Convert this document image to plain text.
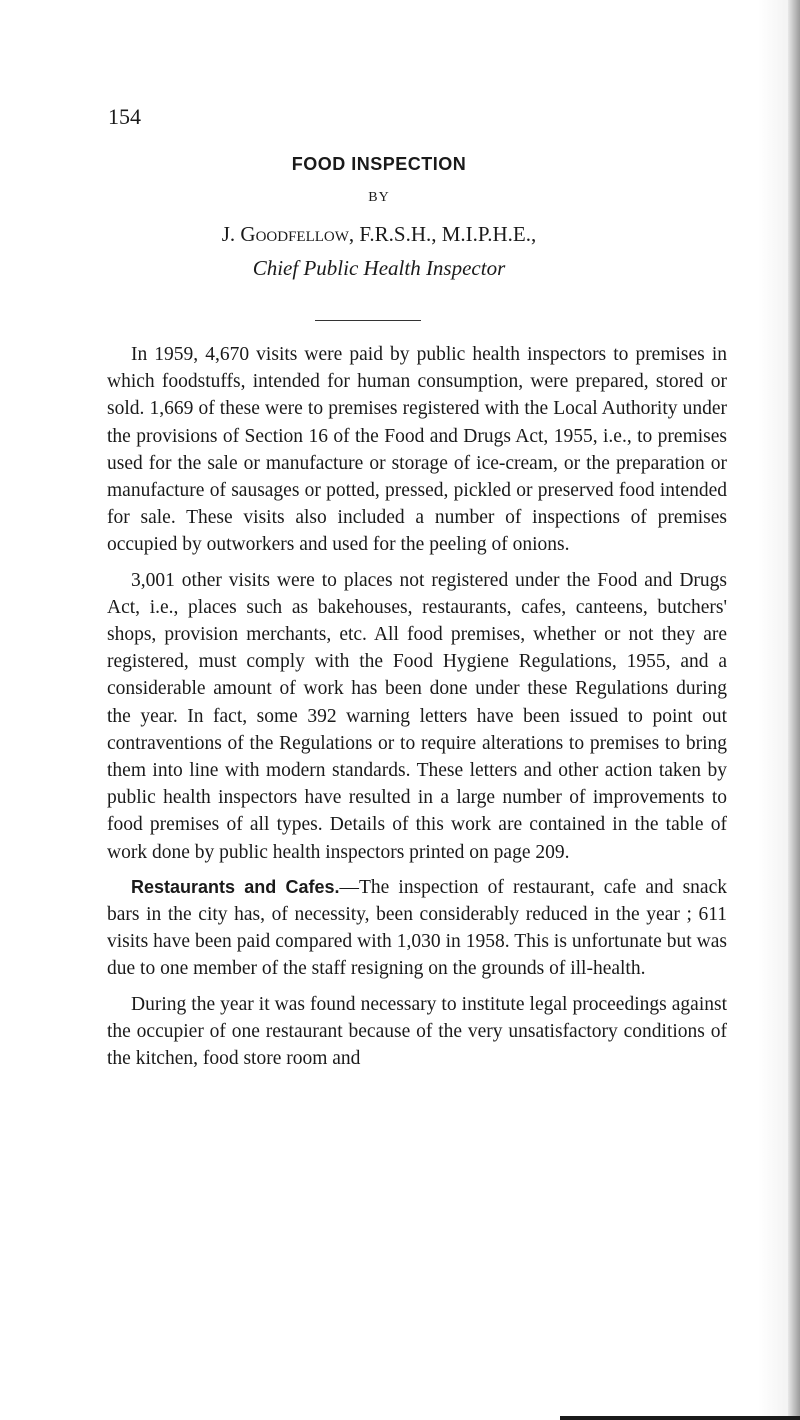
154
FOOD INSPECTION
BY
J. Goodfellow, F.R.S.H., M.I.P.H.E.,
Chief Public Health Inspector

In 1959, 4,670 visits were paid by public health inspectors to premises in which foodstuffs, intended for human consumption, were prepared, stored or sold. 1,669 of these were to premises registered with the Local Authority under the provisions of Section 16 of the Food and Drugs Act, 1955, i.e., to premises used for the sale or manufacture or storage of ice-cream, or the preparation or manufacture of sausages or potted, pressed, pickled or preserved food intended for sale. These visits also included a number of inspections of premises occupied by outworkers and used for the peeling of onions.

3,001 other visits were to places not registered under the Food and Drugs Act, i.e., places such as bakehouses, restaurants, cafes, canteens, butchers' shops, provision merchants, etc. All food premises, whether or not they are registered, must comply with the Food Hygiene Regulations, 1955, and a considerable amount of work has been done under these Regulations during the year. In fact, some 392 warning letters have been issued to point out contraventions of the Regulations or to require alterations to premises to bring them into line with modern standards. These letters and other action taken by public health inspectors have resulted in a large number of improvements to food premises of all types. Details of this work are contained in the table of work done by public health inspectors printed on page 209.

Restaurants and Cafes.—The inspection of restaurant, cafe and snack bars in the city has, of necessity, been considerably reduced in the year ; 611 visits have been paid compared with 1,030 in 1958. This is unfortunate but was due to one member of the staff resigning on the grounds of ill-health.

During the year it was found necessary to institute legal proceedings against the occupier of one restaurant because of the very unsatisfactory conditions of the kitchen, food store room and
